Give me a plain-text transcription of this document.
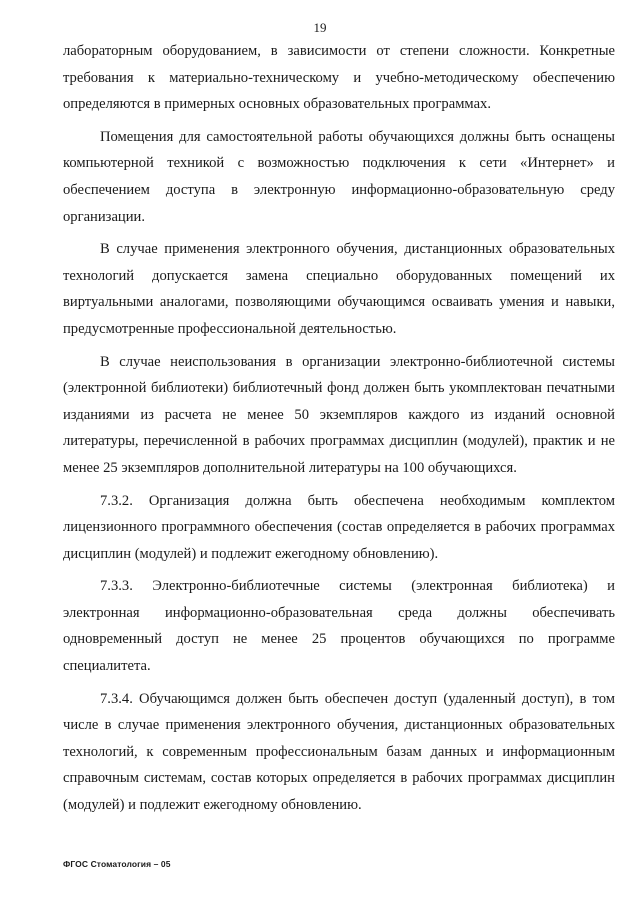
19

лабораторным оборудованием, в зависимости от степени сложности. Конкретные требования к материально-техническому и учебно-методическому обеспечению определяются в примерных основных образовательных программах.

Помещения для самостоятельной работы обучающихся должны быть оснащены компьютерной техникой с возможностью подключения к сети «Интернет» и обеспечением доступа в электронную информационно-образовательную среду организации.

В случае применения электронного обучения, дистанционных образовательных технологий допускается замена специально оборудованных помещений их виртуальными аналогами, позволяющими обучающимся осваивать умения и навыки, предусмотренные профессиональной деятельностью.

В случае неиспользования в организации электронно-библиотечной системы (электронной библиотеки) библиотечный фонд должен быть укомплектован печатными изданиями из расчета не менее 50 экземпляров каждого из изданий основной литературы, перечисленной в рабочих программах дисциплин (модулей), практик и не менее 25 экземпляров дополнительной литературы на 100 обучающихся.

7.3.2. Организация должна быть обеспечена необходимым комплектом лицензионного программного обеспечения (состав определяется в рабочих программах дисциплин (модулей) и подлежит ежегодному обновлению).

7.3.3. Электронно-библиотечные системы (электронная библиотека) и электронная информационно-образовательная среда должны обеспечивать одновременный доступ не менее 25 процентов обучающихся по программе специалитета.

7.3.4. Обучающимся должен быть обеспечен доступ (удаленный доступ), в том числе в случае применения электронного обучения, дистанционных образовательных технологий, к современным профессиональным базам данных и информационным справочным системам, состав которых определяется в рабочих программах дисциплин (модулей) и подлежит ежегодному обновлению.

ФГОС Стоматология – 05
